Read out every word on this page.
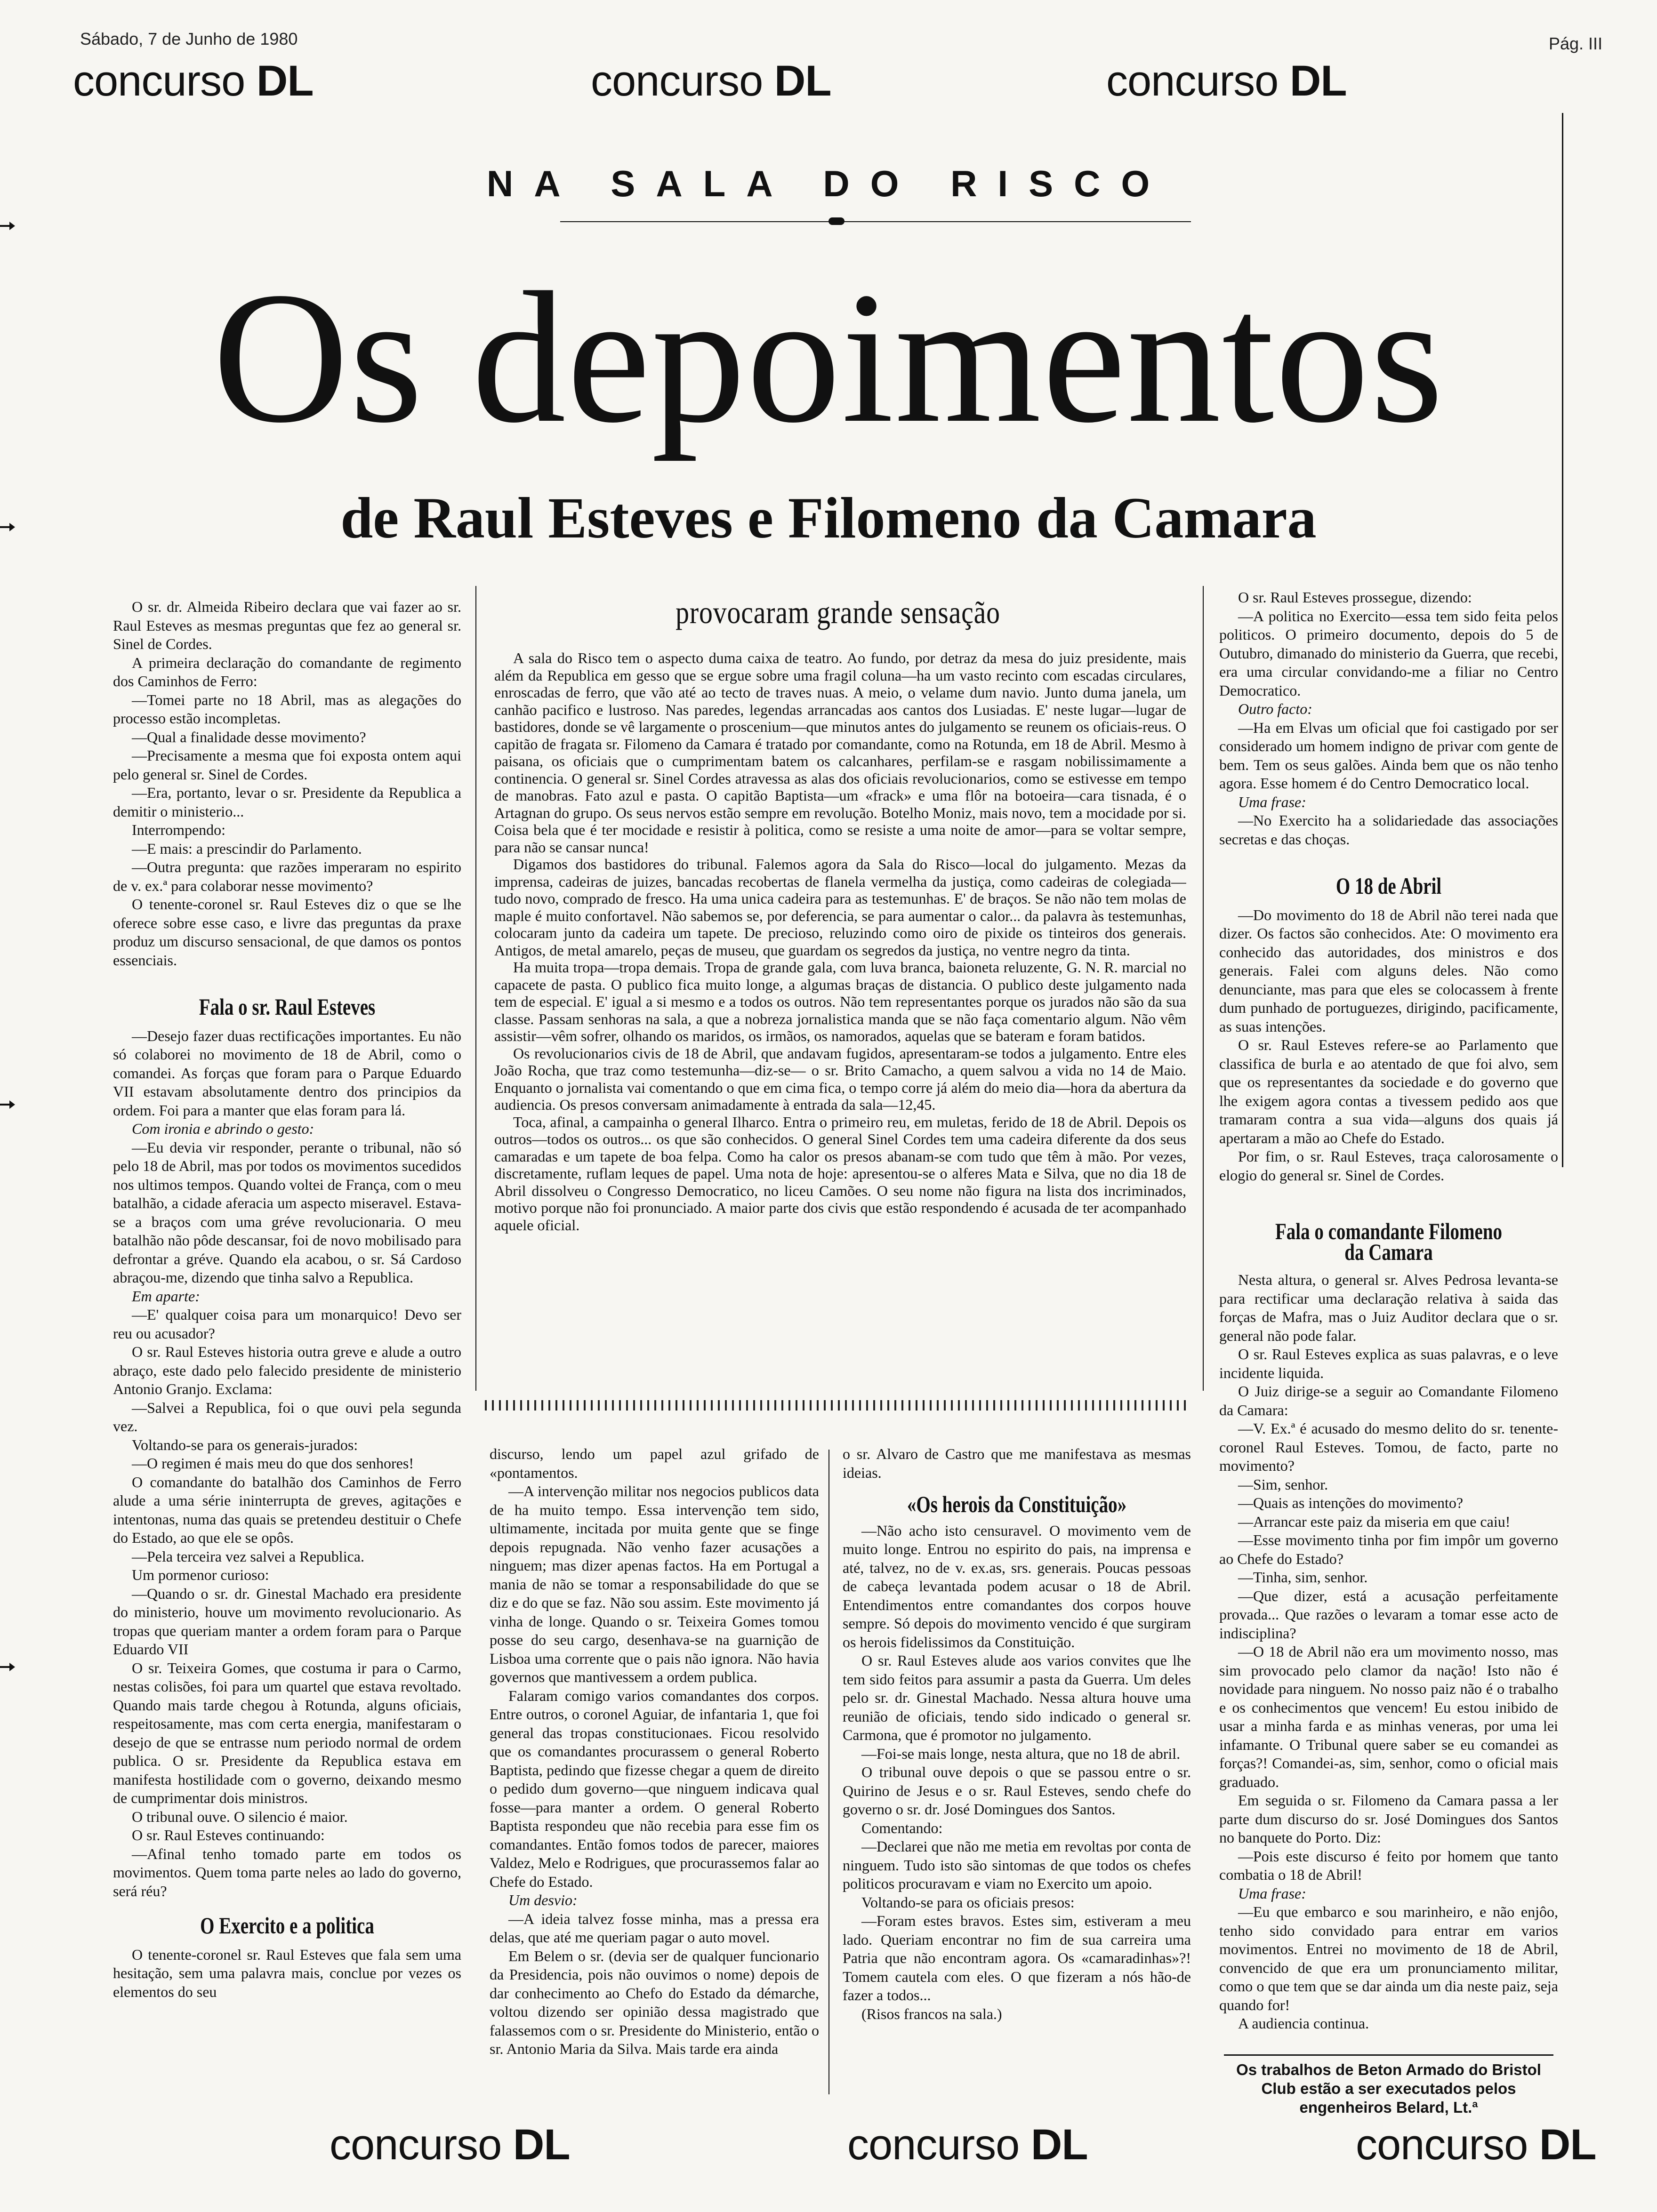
Sábado, 7 de Junho de 1980	Pág. III
concurso DL	concurso DL	concurso DL
NA SALA DO RISCO
Os depoimentos
de Raul Esteves e Filomeno da Camara

O sr. dr. Almeida Ribeiro declara que vai fazer ao sr. Raul Esteves as mesmas preguntas que fez ao general sr. Sinel de Cordes.

A primeira declaração do comandante de regimento dos Caminhos de Ferro:

—Tomei parte no 18 Abril, mas as alegações do processo estão incompletas.

—Qual a finalidade desse movimento?

—Precisamente a mesma que foi exposta ontem aqui pelo general sr. Sinel de Cordes.

—Era, portanto, levar o sr. Presidente da Republica a demitir o ministerio...

Interrompendo:

—E mais: a prescindir do Parlamento.

—Outra pregunta: que razões imperaram no espirito de v. ex.ª para colaborar nesse movimento?

O tenente-coronel sr. Raul Esteves diz o que se lhe oferece sobre esse caso, e livre das preguntas da praxe produz um discurso sensacional, de que damos os pontos essenciais.

Fala o sr. Raul Esteves

—Desejo fazer duas rectificações importantes. Eu não só colaborei no movimento de 18 de Abril, como o comandei. As forças que foram para o Parque Eduardo VII estavam absolutamente dentro dos principios da ordem. Foi para a manter que elas foram para lá.

Com ironia e abrindo o gesto:

—Eu devia vir responder, perante o tribunal, não só pelo 18 de Abril, mas por todos os movimentos sucedidos nos ultimos tempos. Quando voltei de França, com o meu batalhão, a cidade aferacia um aspecto miseravel. Estava-se a braços com uma gréve revolucionaria. O meu batalhão não pôde descansar, foi de novo mobilisado para defrontar a gréve. Quando ela acabou, o sr. Sá Cardoso abraçou-me, dizendo que tinha salvo a Republica.

Em aparte:

—E' qualquer coisa para um monarquico! Devo ser reu ou acusador?

O sr. Raul Esteves historia outra greve e alude a outro abraço, este dado pelo falecido presidente de ministerio Antonio Granjo. Exclama:

—Salvei a Republica, foi o que ouvi pela segunda vez.

Voltando-se para os generais-jurados:

—O regimen é mais meu do que dos senhores!

O comandante do batalhão dos Caminhos de Ferro alude a uma série ininterrupta de greves, agitações e intentonas, numa das quais se pretendeu destituir o Chefe do Estado, ao que ele se opôs.

—Pela terceira vez salvei a Republica.

Um pormenor curioso:

—Quando o sr. dr. Ginestal Machado era presidente do ministerio, houve um movimento revolucionario. As tropas que queriam manter a ordem foram para o Parque Eduardo VII

O sr. Teixeira Gomes, que costuma ir para o Carmo, nestas colisões, foi para um quartel que estava revoltado. Quando mais tarde chegou à Rotunda, alguns oficiais, respeitosamente, mas com certa energia, manifestaram o desejo de que se entrasse num periodo normal de ordem publica. O sr. Presidente da Republica estava em manifesta hostilidade com o governo, deixando mesmo de cumprimentar dois ministros.

O tribunal ouve. O silencio é maior.

O sr. Raul Esteves continuando:

—Afinal tenho tomado parte em todos os movimentos. Quem toma parte neles ao lado do governo, será réu?

O Exercito e a politica

O tenente-coronel sr. Raul Esteves que fala sem uma hesitação, sem uma palavra mais, conclue por vezes os elementos do seu

provocaram grande sensação

A sala do Risco tem o aspecto duma caixa de teatro. Ao fundo, por detraz da mesa do juiz presidente, mais além da Republica em gesso que se ergue sobre uma fragil coluna—ha um vasto recinto com escadas circulares, enroscadas de ferro, que vão até ao tecto de traves nuas. A meio, o velame dum navio. Junto duma janela, um canhão pacifico e lustroso. Nas paredes, legendas arrancadas aos cantos dos Lusiadas. E' neste lugar—lugar de bastidores, donde se vê largamente o proscenium—que minutos antes do julgamento se reunem os oficiais-reus. O capitão de fragata sr. Filomeno da Camara é tratado por comandante, como na Rotunda, em 18 de Abril. Mesmo à paisana, os oficiais que o cumprimentam batem os calcanhares, perfilam-se e rasgam nobilissimamente a continencia. O general sr. Sinel Cordes atravessa as alas dos oficiais revolucionarios, como se estivesse em tempo de manobras. Fato azul e pasta. O capitão Baptista—um «frack» e uma flôr na botoeira—cara tisnada, é o Artagnan do grupo. Os seus nervos estão sempre em revolução. Botelho Moniz, mais novo, tem a mocidade por si. Coisa bela que é ter mocidade e resistir à politica, como se resiste a uma noite de amor—para se voltar sempre, para não se cansar nunca!

Digamos dos bastidores do tribunal. Falemos agora da Sala do Risco—local do julgamento. Mezas da imprensa, cadeiras de juizes, bancadas recobertas de flanela vermelha da justiça, como cadeiras de colegiada—tudo novo, comprado de fresco. Ha uma unica cadeira para as testemunhas. E' de braços. Se não não tem molas de maple é muito confortavel. Não sabemos se, por deferencia, se para aumentar o calor... da palavra às testemunhas, colocaram junto da cadeira um tapete. De precioso, reluzindo como oiro de pixide os tinteiros dos generais. Antigos, de metal amarelo, peças de museu, que guardam os segredos da justiça, no ventre negro da tinta.

Ha muita tropa—tropa demais. Tropa de grande gala, com luva branca, baioneta reluzente, G. N. R. marcial no capacete de pasta. O publico fica muito longe, a algumas braças de distancia. O publico deste julgamento nada tem de especial. E' igual a si mesmo e a todos os outros. Não tem representantes porque os jurados não são da sua classe. Passam senhoras na sala, a que a nobreza jornalistica manda que se não faça comentario algum. Não vêm assistir—vêm sofrer, olhando os maridos, os irmãos, os namorados, aquelas que se bateram e foram batidos.

Os revolucionarios civis de 18 de Abril, que andavam fugidos, apresentaram-se todos a julgamento. Entre eles João Rocha, que traz como testemunha—diz-se— o sr. Brito Camacho, a quem salvou a vida no 14 de Maio. Enquanto o jornalista vai comentando o que em cima fica, o tempo corre já além do meio dia—hora da abertura da audiencia. Os presos conversam animadamente à entrada da sala—12,45.

Toca, afinal, a campainha o general Ilharco. Entra o primeiro reu, em muletas, ferido de 18 de Abril. Depois os outros—todos os outros... os que são conhecidos. O general Sinel Cordes tem uma cadeira diferente da dos seus camaradas e um tapete de boa felpa. Como ha calor os presos abanam-se com tudo que têm à mão. Por vezes, discretamente, ruflam leques de papel. Uma nota de hoje: apresentou-se o alferes Mata e Silva, que no dia 18 de Abril dissolveu o Congresso Democratico, no liceu Camões. O seu nome não figura na lista dos incriminados, motivo porque não foi pronunciado. A maior parte dos civis que estão respondendo é acusada de ter acompanhado aquele oficial.

discurso, lendo um papel azul grifado de «pontamentos.

—A intervenção militar nos negocios publicos data de ha muito tempo. Essa intervenção tem sido, ultimamente, incitada por muita gente que se finge depois repugnada. Não venho fazer acusações a ninguem; mas dizer apenas factos. Ha em Portugal a mania de não se tomar a responsabilidade do que se diz e do que se faz. Não sou assim. Este movimento já vinha de longe. Quando o sr. Teixeira Gomes tomou posse do seu cargo, desenhava-se na guarnição de Lisboa uma corrente que o pais não ignora. Não havia governos que mantivessem a ordem publica.

Falaram comigo varios comandantes dos corpos. Entre outros, o coronel Aguiar, de infantaria 1, que foi general das tropas constitucionaes. Ficou resolvido que os comandantes procurassem o general Roberto Baptista, pedindo que fizesse chegar a quem de direito o pedido dum governo—que ninguem indicava qual fosse—para manter a ordem. O general Roberto Baptista respondeu que não recebia para esse fim os comandantes. Então fomos todos de parecer, maiores Valdez, Melo e Rodrigues, que procurassemos falar ao Chefe do Estado.

Um desvio:

—A ideia talvez fosse minha, mas a pressa era delas, que até me queriam pagar o auto movel.

Em Belem o sr. (devia ser de qualquer funcionario da Presidencia, pois não ouvimos o nome) depois de dar conhecimento ao Chefo do Estado da démarche, voltou dizendo ser opinião dessa magistrado que falassemos com o sr. Presidente do Ministerio, então o sr. Antonio Maria da Silva. Mais tarde era ainda

o sr. Alvaro de Castro que me manifestava as mesmas ideias.

«Os herois da Constituição»

—Não acho isto censuravel. O movimento vem de muito longe. Entrou no espirito do pais, na imprensa e até, talvez, no de v. ex.as, srs. generais. Poucas pessoas de cabeça levantada podem acusar o 18 de Abril. Entendimentos entre comandantes dos corpos houve sempre. Só depois do movimento vencido é que surgiram os herois fidelissimos da Constituição.

O sr. Raul Esteves alude aos varios convites que lhe tem sido feitos para assumir a pasta da Guerra. Um deles pelo sr. dr. Ginestal Machado. Nessa altura houve uma reunião de oficiais, tendo sido indicado o general sr. Carmona, que é promotor no julgamento.

—Foi-se mais longe, nesta altura, que no 18 de abril.

O tribunal ouve depois o que se passou entre o sr. Quirino de Jesus e o sr. Raul Esteves, sendo chefe do governo o sr. dr. José Domingues dos Santos.

Comentando:

—Declarei que não me metia em revoltas por conta de ninguem. Tudo isto são sintomas de que todos os chefes politicos procuravam e viam no Exercito um apoio.

Voltando-se para os oficiais presos:

—Foram estes bravos. Estes sim, estiveram a meu lado. Queriam encontrar no fim de sua carreira uma Patria que não encontram agora. Os «camaradinhas»?! Tomem cautela com eles. O que fizeram a nós hão-de fazer a todos...

(Risos francos na sala.)

O sr. Raul Esteves prossegue, dizendo:

—A politica no Exercito—essa tem sido feita pelos politicos. O primeiro documento, depois do 5 de Outubro, dimanado do ministerio da Guerra, que recebi, era uma circular convidando-me a filiar no Centro Democratico.

Outro facto:

—Ha em Elvas um oficial que foi castigado por ser considerado um homem indigno de privar com gente de bem. Tem os seus galões. Ainda bem que os não tenho agora. Esse homem é do Centro Democratico local.

Uma frase:

—No Exercito ha a solidariedade das associações secretas e das choças.

O 18 de Abril

—Do movimento do 18 de Abril não terei nada que dizer. Os factos são conhecidos. Ate: O movimento era conhecido das autoridades, dos ministros e dos generais. Falei com alguns deles. Não como denunciante, mas para que eles se colocassem à frente dum punhado de portuguezes, dirigindo, pacificamente, as suas intenções.

O sr. Raul Esteves refere-se ao Parlamento que classifica de burla e ao atentado de que foi alvo, sem que os representantes da sociedade e do governo que lhe exigem agora contas a tivessem pedido aos que tramaram contra a sua vida—alguns dos quais já apertaram a mão ao Chefe do Estado.

Por fim, o sr. Raul Esteves, traça calorosamente o elogio do general sr. Sinel de Cordes.

Fala o comandante Filomeno
da Camara

Nesta altura, o general sr. Alves Pedrosa levanta-se para rectificar uma declaração relativa à saida das forças de Mafra, mas o Juiz Auditor declara que o sr. general não pode falar.

O sr. Raul Esteves explica as suas palavras, e o leve incidente liquida.

O Juiz dirige-se a seguir ao Comandante Filomeno da Camara:

—V. Ex.ª é acusado do mesmo delito do sr. tenente-coronel Raul Esteves. Tomou, de facto, parte no movimento?

—Sim, senhor.

—Quais as intenções do movimento?

—Arrancar este paiz da miseria em que caiu!

—Esse movimento tinha por fim impôr um governo ao Chefe do Estado?

—Tinha, sim, senhor.

—Que dizer, está a acusação perfeitamente provada... Que razões o levaram a tomar esse acto de indisciplina?

—O 18 de Abril não era um movimento nosso, mas sim provocado pelo clamor da nação! Isto não é novidade para ninguem. No nosso paiz não é o trabalho e os conhecimentos que vencem! Eu estou inibido de usar a minha farda e as minhas veneras, por uma lei infamante. O Tribunal quere saber se eu comandei as forças?! Comandei-as, sim, senhor, como o oficial mais graduado.

Em seguida o sr. Filomeno da Camara passa a ler parte dum discurso do sr. José Domingues dos Santos no banquete do Porto. Diz:

—Pois este discurso é feito por homem que tanto combatia o 18 de Abril!

Uma frase:

—Eu que embarco e sou marinheiro, e não enjôo, tenho sido convidado para entrar em varios movimentos. Entrei no movimento de 18 de Abril, convencido de que era um pronunciamento militar, como o que tem que se dar ainda um dia neste paiz, seja quando for!

A audiencia continua.

Os trabalhos de Beton Armado do Bristol Club estão a ser executados pelos engenheiros Belard, Lt.ª
concurso DL	concurso DL	concurso DL
